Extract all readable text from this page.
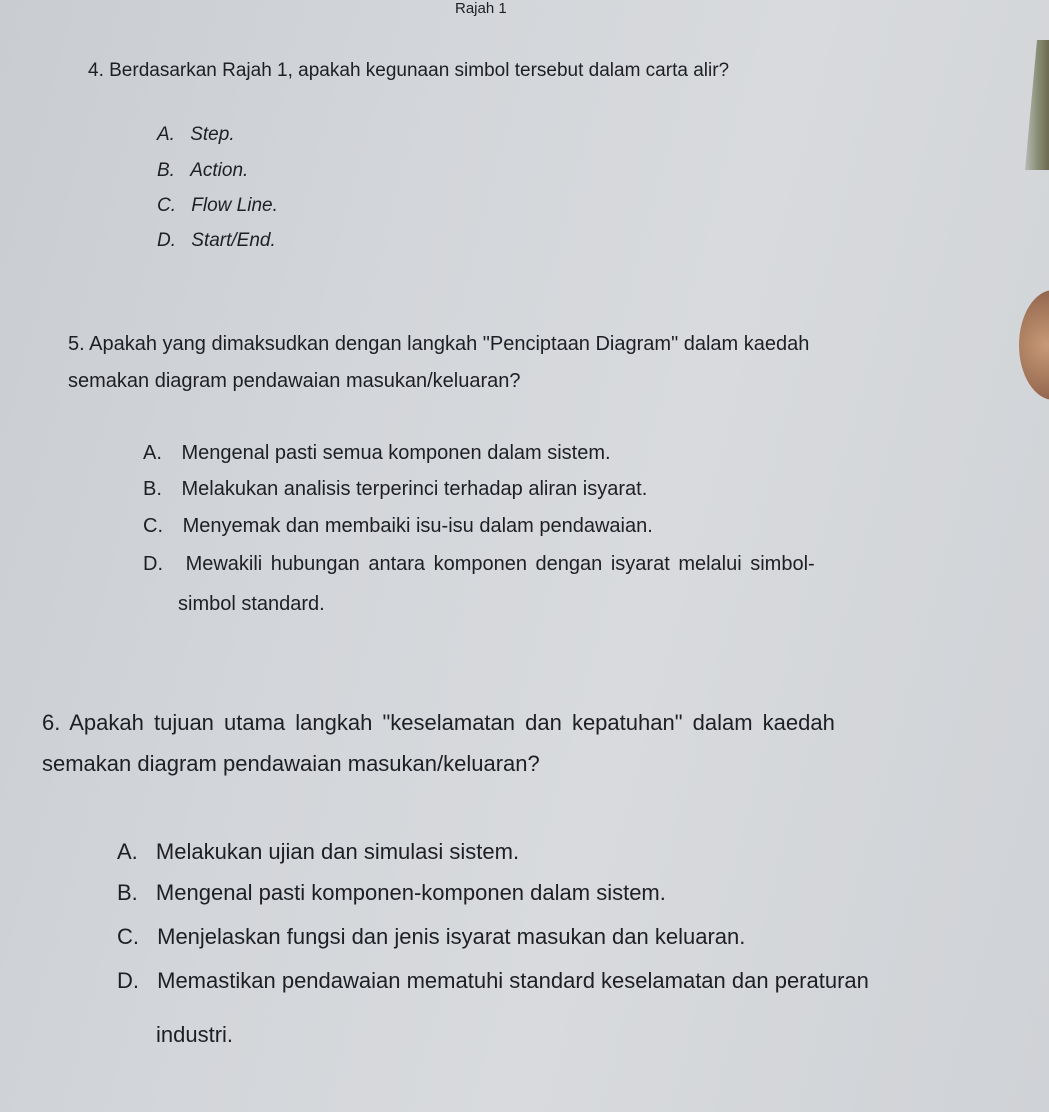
Rajah 1
4. Berdasarkan Rajah 1, apakah kegunaan simbol tersebut dalam carta alir?
A. Step.
B. Action.
C. Flow Line.
D. Start/End.
5. Apakah yang dimaksudkan dengan langkah "Penciptaan Diagram" dalam kaedah
semakan diagram pendawaian masukan/keluaran?
A. Mengenal pasti semua komponen dalam sistem.
B. Melakukan analisis terperinci terhadap aliran isyarat.
C. Menyemak dan membaiki isu-isu dalam pendawaian.
D. Mewakili hubungan antara komponen dengan isyarat melalui simbol-
simbol standard.
6. Apakah tujuan utama langkah "keselamatan dan kepatuhan" dalam kaedah
semakan diagram pendawaian masukan/keluaran?
A. Melakukan ujian dan simulasi sistem.
B. Mengenal pasti komponen-komponen dalam sistem.
C. Menjelaskan fungsi dan jenis isyarat masukan dan keluaran.
D. Memastikan pendawaian mematuhi standard keselamatan dan peraturan
industri.
